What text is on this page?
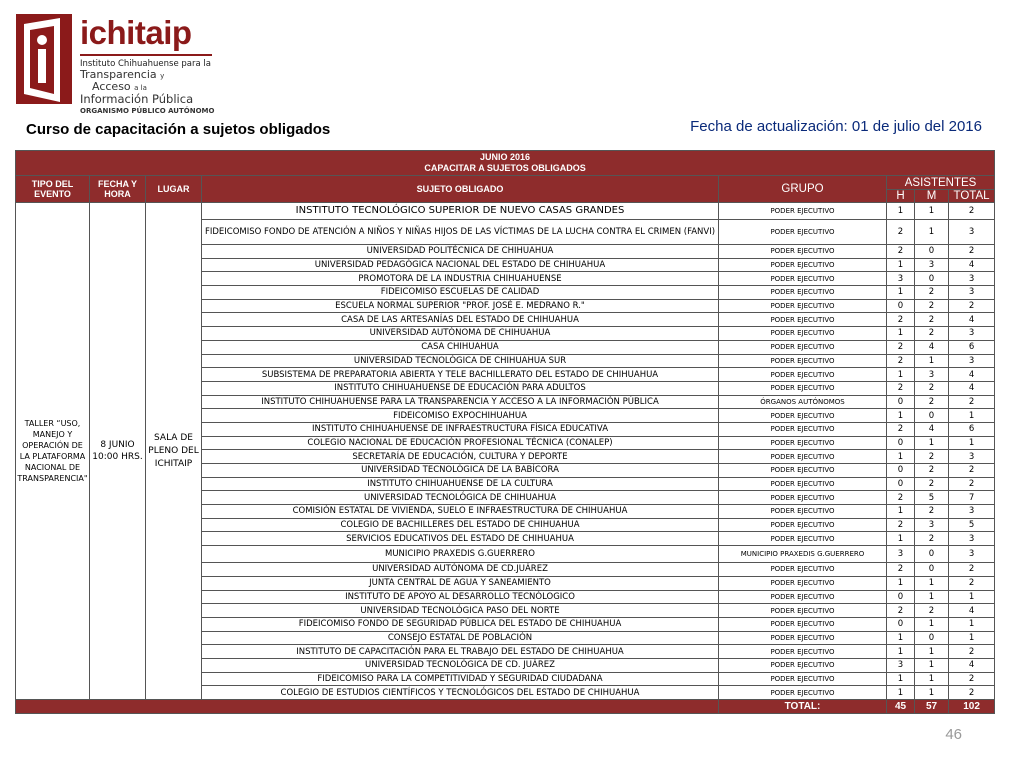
ichitaip
Instituto Chihuahuense para la
Transparencia y
Acceso a la
Información Pública
ORGANISMO PÚBLICO AUTÓNOMO
Curso de capacitación a sujetos obligados	Fecha de actualización: 01 de julio del 2016
JUNIO 2016
CAPACITAR A SUJETOS OBLIGADOS							

TIPO DEL EVENTO	FECHA Y HORA	LUGAR	SUJETO OBLIGADO	GRUPO	ASISTENTES		
					H	M	TOTAL
TALLER “USO, MANEJO Y OPERACIÓN DE LA PLATAFORMA NACIONAL DE TRANSPARENCIA"	8 JUNIO 10:00 HRS.	SALA DE PLENO DEL ICHITAIP	INSTITUTO TECNOLÓGICO SUPERIOR DE NUEVO CASAS GRANDES	PODER EJECUTIVO	1	1	2
			FIDEICOMISO FONDO DE ATENCIÓN A NIÑOS Y NIÑAS HIJOS DE LAS VÍCTIMAS DE LA LUCHA CONTRA EL CRIMEN (FANVI)	PODER EJECUTIVO	2	1	3
			UNIVERSIDAD POLITÉCNICA DE CHIHUAHUA	PODER EJECUTIVO	2	0	2
			UNIVERSIDAD PEDAGÓGICA NACIONAL DEL ESTADO DE CHIHUAHUA	PODER EJECUTIVO	1	3	4
			PROMOTORA DE LA INDUSTRIA CHIHUAHUENSE	PODER EJECUTIVO	3	0	3
			FIDEICOMISO ESCUELAS DE CALIDAD	PODER EJECUTIVO	1	2	3
			ESCUELA NORMAL SUPERIOR "PROF. JOSÉ E. MEDRANO R."	PODER EJECUTIVO	0	2	2
			CASA DE LAS ARTESANÍAS DEL ESTADO DE CHIHUAHUA	PODER EJECUTIVO	2	2	4
			UNIVERSIDAD AUTÓNOMA DE CHIHUAHUA	PODER EJECUTIVO	1	2	3
			CASA CHIHUAHUA	PODER EJECUTIVO	2	4	6
			UNIVERSIDAD TECNOLÓGICA DE CHIHUAHUA SUR	PODER EJECUTIVO	2	1	3
			SUBSISTEMA DE PREPARATORIA ABIERTA Y TELE BACHILLERATO DEL ESTADO DE CHIHUAHUA	PODER EJECUTIVO	1	3	4
			INSTITUTO CHIHUAHUENSE DE EDUCACIÓN PARA ADULTOS	PODER EJECUTIVO	2	2	4
			INSTITUTO CHIHUAHUENSE PARA LA TRANSPARENCIA Y ACCESO A LA INFORMACIÓN PÚBLICA	ÓRGANOS AUTÓNOMOS	0	2	2
			FIDEICOMISO EXPOCHIHUAHUA	PODER EJECUTIVO	1	0	1
			INSTITUTO CHIHUAHUENSE DE INFRAESTRUCTURA FÍSICA EDUCATIVA	PODER EJECUTIVO	2	4	6
			COLEGIO NACIONAL DE EDUCACIÓN PROFESIONAL TÉCNICA (CONALEP)	PODER EJECUTIVO	0	1	1
			SECRETARÍA DE EDUCACIÓN, CULTURA Y DEPORTE	PODER EJECUTIVO	1	2	3
			UNIVERSIDAD TECNOLÓGICA DE LA BABÍCORA	PODER EJECUTIVO	0	2	2
			INSTITUTO CHIHUAHUENSE DE LA CULTURA	PODER EJECUTIVO	0	2	2
			UNIVERSIDAD TECNOLÓGICA DE CHIHUAHUA	PODER EJECUTIVO	2	5	7
			COMISIÓN ESTATAL DE VIVIENDA, SUELO E INFRAESTRUCTURA DE CHIHUAHUA	PODER EJECUTIVO	1	2	3
			COLEGIO DE BACHILLERES DEL ESTADO DE CHIHUAHUA	PODER EJECUTIVO	2	3	5
			SERVICIOS EDUCATIVOS DEL ESTADO DE CHIHUAHUA	PODER EJECUTIVO	1	2	3
			MUNICIPIO PRAXEDIS G.GUERRERO	MUNICIPIO PRAXEDIS G.GUERRERO	3	0	3
			UNIVERSIDAD AUTÓNOMA DE CD.JUÁREZ	PODER EJECUTIVO	2	0	2
			JUNTA CENTRAL DE AGUA Y SANEAMIENTO	PODER EJECUTIVO	1	1	2
			INSTITUTO DE APOYO AL DESARROLLO TECNÓLOGICO	PODER EJECUTIVO	0	1	1
			UNIVERSIDAD TECNOLÓGICA PASO DEL NORTE	PODER EJECUTIVO	2	2	4
			FIDEICOMISO FONDO DE SEGURIDAD PÚBLICA DEL ESTADO DE CHIHUAHUA	PODER EJECUTIVO	0	1	1
			CONSEJO ESTATAL DE POBLACIÓN	PODER EJECUTIVO	1	0	1
			INSTITUTO DE CAPACITACIÓN PARA EL TRABAJO DEL ESTADO DE CHIHUAHUA	PODER EJECUTIVO	1	1	2
			UNIVERSIDAD TECNOLÓGICA DE CD. JUÁREZ	PODER EJECUTIVO	3	1	4
			FIDEICOMISO PARA LA COMPETITIVIDAD Y SEGURIDAD CIUDADANA	PODER EJECUTIVO	1	1	2
			COLEGIO DE ESTUDIOS CIENTÍFICOS Y TECNOLÓGICOS DEL ESTADO DE CHIHUAHUA	PODER EJECUTIVO	1	1	2
				TOTAL:	45	57	102
46
